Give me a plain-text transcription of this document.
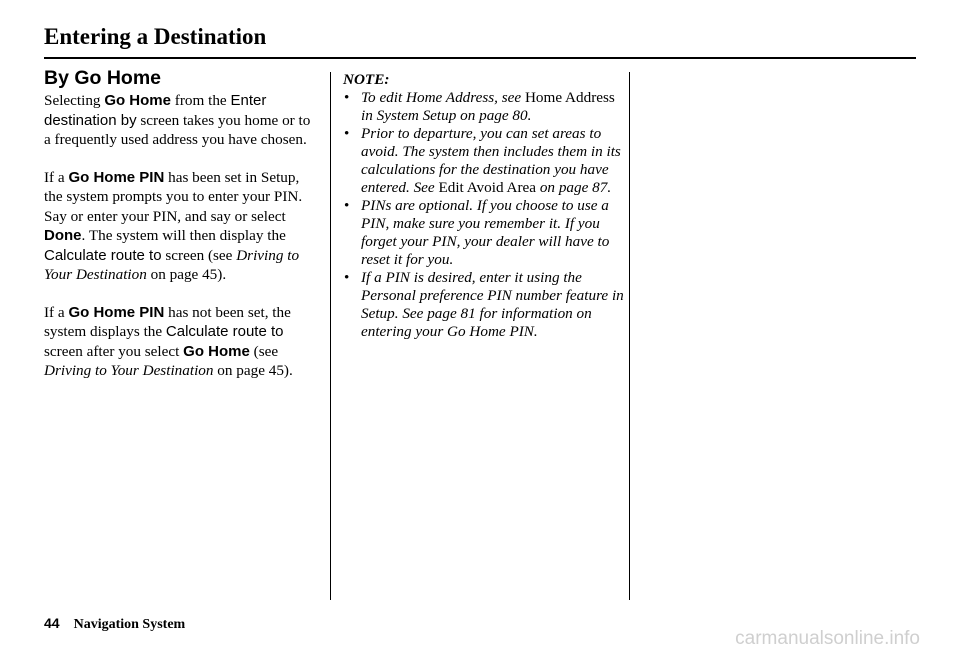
Entering a Destination
By Go Home

Selecting Go Home from the Enter destination by screen takes you home or to a frequently used address you have chosen.

If a Go Home PIN has been set in Setup, the system prompts you to enter your PIN. Say or enter your PIN, and say or select Done. The system will then display the Calculate route to screen (see Driving to Your Destination on page 45).

If a Go Home PIN has not been set, the system displays the Calculate route to screen after you select Go Home (see Driving to Your Destination on page 45).

NOTE:
• To edit Home Address, see Home Address in System Setup on page 80.
• Prior to departure, you can set areas to avoid. The system then includes them in its calculations for the destination you have entered. See Edit Avoid Area on page 87.
• PINs are optional. If you choose to use a PIN, make sure you remember it. If you forget your PIN, your dealer will have to reset it for you.
• If a PIN is desired, enter it using the Personal preference PIN number feature in Setup. See page 81 for information on entering your Go Home PIN.
44 Navigation System
carmanualsonline.info
